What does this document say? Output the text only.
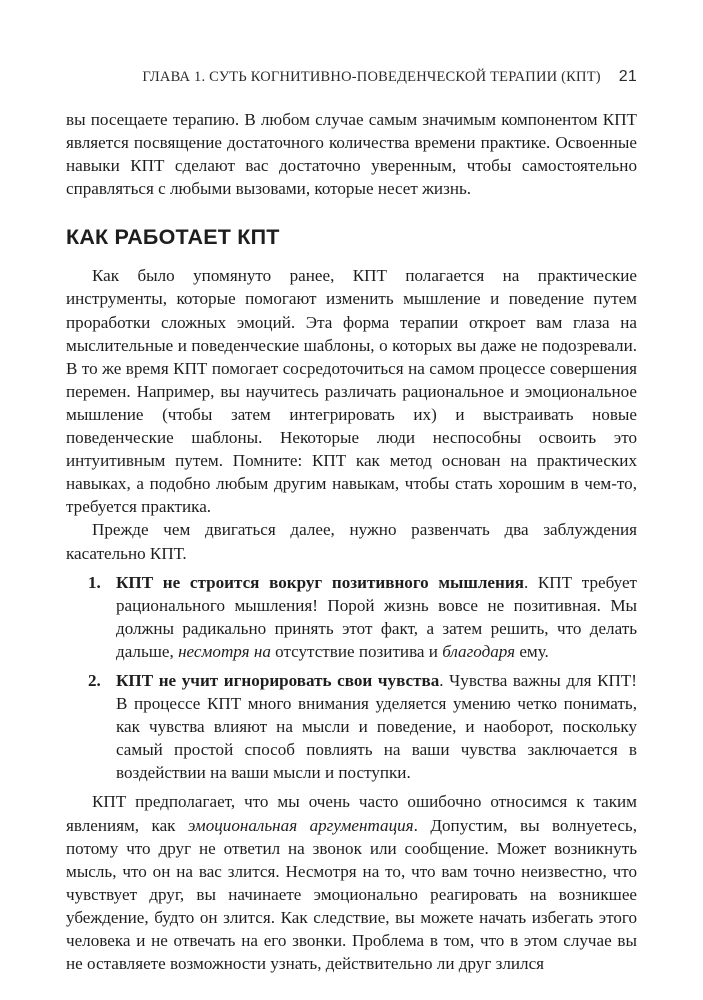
ГЛАВА 1. СУТЬ КОГНИТИВНО-ПОВЕДЕНЧЕСКОЙ ТЕРАПИИ (КПТ) 21

вы посещаете терапию. В любом случае самым значимым компонентом КПТ является посвящение достаточного количества времени практике. Освоенные навыки КПТ сделают вас достаточно уверенным, чтобы самостоятельно справляться с любыми вызовами, которые несет жизнь.

КАК РАБОТАЕТ КПТ

Как было упомянуто ранее, КПТ полагается на практические инструменты, которые помогают изменить мышление и поведение путем проработки сложных эмоций. Эта форма терапии откроет вам глаза на мыслительные и поведенческие шаблоны, о которых вы даже не подозревали. В то же время КПТ помогает сосредоточиться на самом процессе совершения перемен. Например, вы научитесь различать рациональное и эмоциональное мышление (чтобы затем интегрировать их) и выстраивать новые поведенческие шаблоны. Некоторые люди неспособны освоить это интуитивным путем. Помните: КПТ как метод основан на практических навыках, а подобно любым другим навыкам, чтобы стать хорошим в чем-то, требуется практика.

Прежде чем двигаться далее, нужно развенчать два заблуждения касательно КПТ.

1. КПТ не строится вокруг позитивного мышления. КПТ требует рационального мышления! Порой жизнь вовсе не позитивная. Мы должны радикально принять этот факт, а затем решить, что делать дальше, несмотря на отсутствие позитива и благодаря ему.
2. КПТ не учит игнорировать свои чувства. Чувства важны для КПТ! В процессе КПТ много внимания уделяется умению четко понимать, как чувства влияют на мысли и поведение, и наоборот, поскольку самый простой способ повлиять на ваши чувства заключается в воздействии на ваши мысли и поступки.

КПТ предполагает, что мы очень часто ошибочно относимся к таким явлениям, как эмоциональная аргументация. Допустим, вы волнуетесь, потому что друг не ответил на звонок или сообщение. Может возникнуть мысль, что он на вас злится. Несмотря на то, что вам точно неизвестно, что чувствует друг, вы начинаете эмоционально реагировать на возникшее убеждение, будто он злится. Как следствие, вы можете начать избегать этого человека и не отвечать на его звонки. Проблема в том, что в этом случае вы не оставляете возможности узнать, действительно ли друг злился
